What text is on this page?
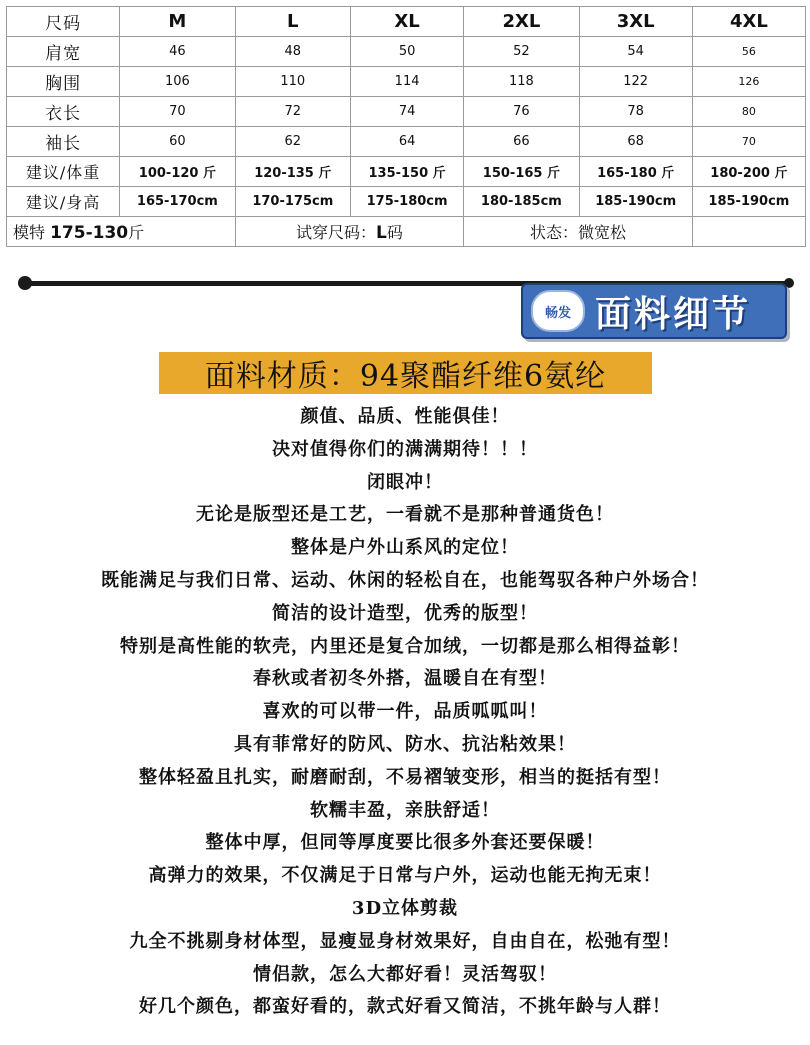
尺码	M	L	XL	2XL	3XL	4XL
肩宽	46	48	50	52	54	56
胸围	106	110	114	118	122	126
衣长	70	72	74	76	78	80
袖长	60	62	64	66	68	70
建议/体重	100-120 斤	120-135 斤	135-150 斤	150-165 斤	165-180 斤	180-200 斤
建议/身高	165-170cm	170-175cm	175-180cm	180-185cm	185-190cm	185-190cm
模特 175-130斤		试穿尺码：L码		状态：微宽松		
畅发 面料细节
面料材质：94聚酯纤维6氨纶
颜值、品质、性能俱佳！
决对值得你们的满满期待！！！
闭眼冲！
无论是版型还是工艺，一看就不是那种普通货色！
整体是户外山系风的定位！
既能满足与我们日常、运动、休闲的轻松自在，也能驾驭各种户外场合！
简洁的设计造型，优秀的版型！
特别是高性能的软壳，内里还是复合加绒，一切都是那么相得益彰！
春秋或者初冬外搭，温暖自在有型！
喜欢的可以带一件，品质呱呱叫！
具有菲常好的防风、防水、抗沾粘效果！
整体轻盈且扎实，耐磨耐刮，不易褶皱变形，相当的挺括有型！
软糯丰盈，亲肤舒适！
整体中厚，但同等厚度要比很多外套还要保暖！
高弹力的效果，不仅满足于日常与户外，运动也能无拘无束！
3D立体剪裁
九全不挑剔身材体型，显瘦显身材效果好，自由自在，松弛有型！
情侣款，怎么大都好看！灵活驾驭！
好几个颜色，都蛮好看的，款式好看又简洁，不挑年龄与人群！
